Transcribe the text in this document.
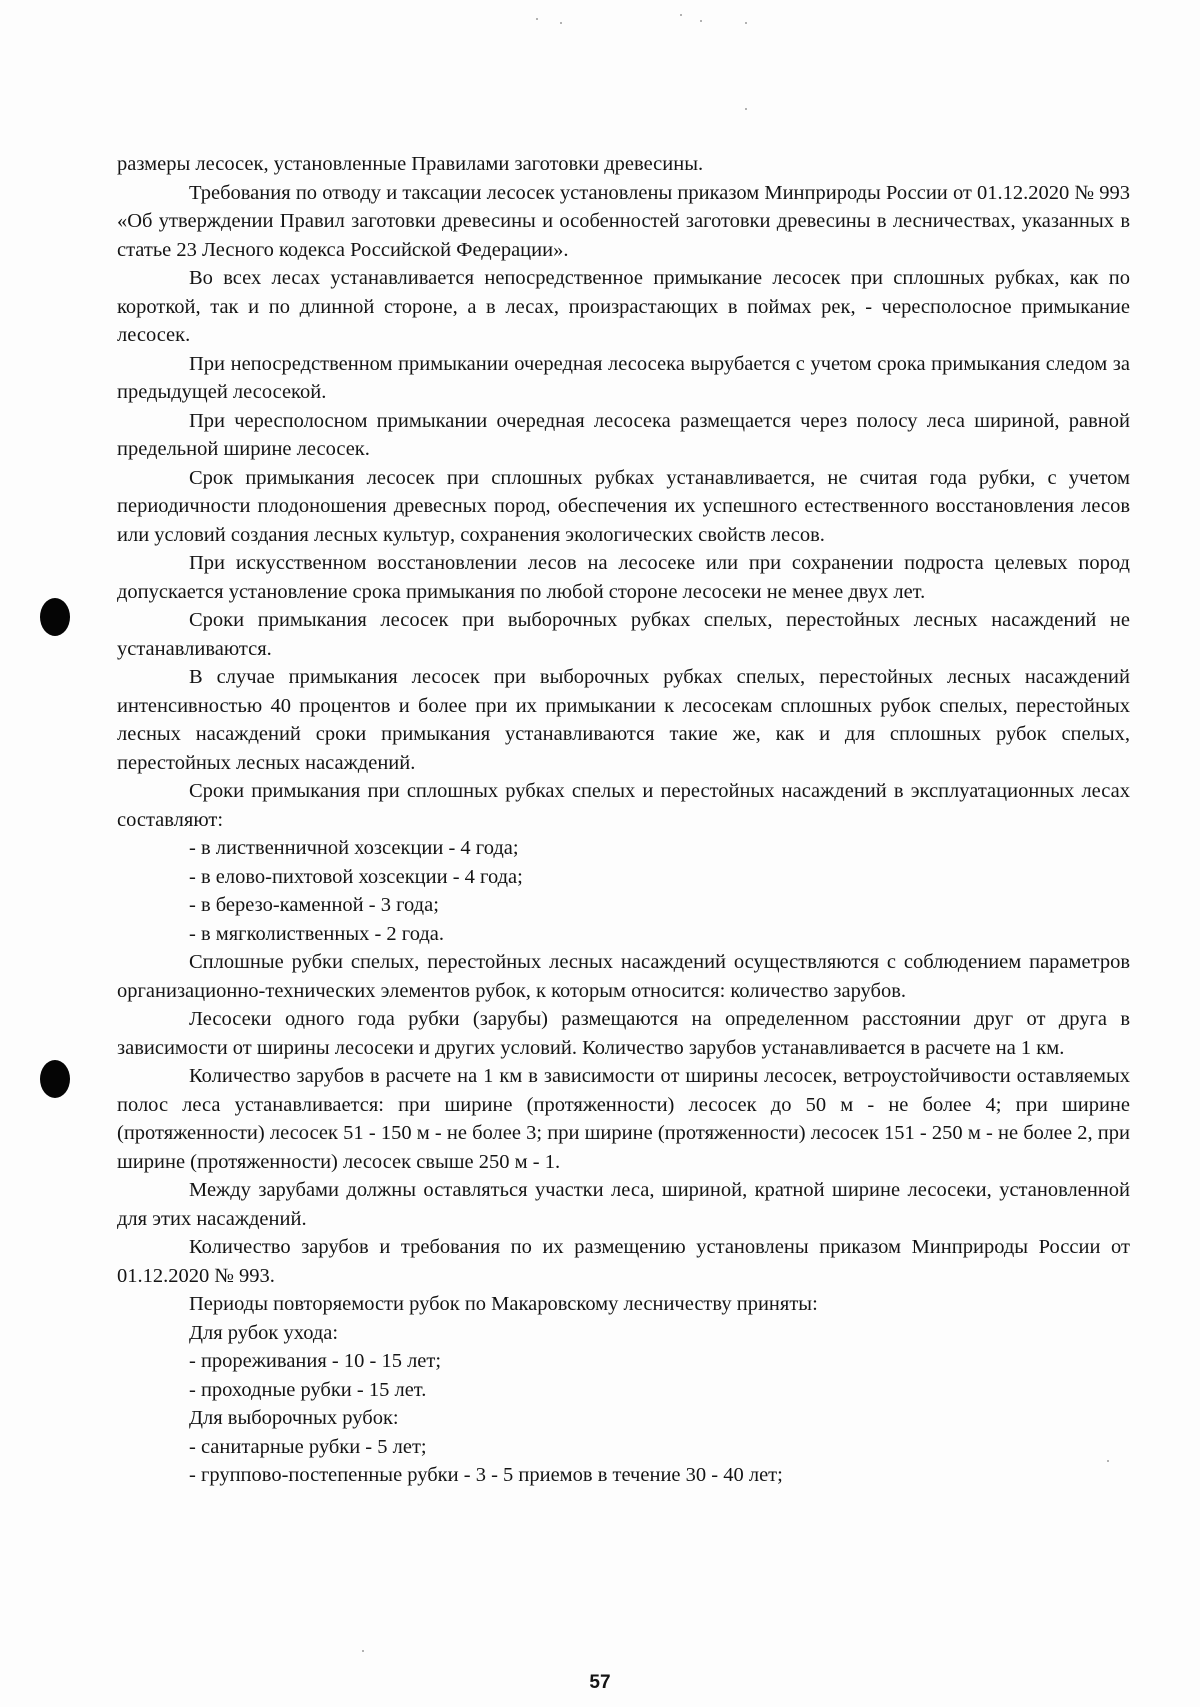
размеры лесосек, установленные Правилами заготовки древесины.

Требования по отводу и таксации лесосек установлены приказом Минприроды России от 01.12.2020 № 993 «Об утверждении Правил заготовки древесины и особенностей заготовки древесины в лесничествах, указанных в статье 23 Лесного кодекса Российской Федерации».

Во всех лесах устанавливается непосредственное примыкание лесосек при сплошных рубках, как по короткой, так и по длинной стороне, а в лесах, произрастающих в поймах рек, - чересполосное примыкание лесосек.

При непосредственном примыкании очередная лесосека вырубается с учетом срока примыкания следом за предыдущей лесосекой.

При чересполосном примыкании очередная лесосека размещается через полосу леса шириной, равной предельной ширине лесосек.

Срок примыкания лесосек при сплошных рубках устанавливается, не считая года рубки, с учетом периодичности плодоношения древесных пород, обеспечения их успешного естественного восстановления лесов или условий создания лесных культур, сохранения экологических свойств лесов.

При искусственном восстановлении лесов на лесосеке или при сохранении подроста целевых пород допускается установление срока примыкания по любой стороне лесосеки не менее двух лет.

Сроки примыкания лесосек при выборочных рубках спелых, перестойных лесных насаждений не устанавливаются.

В случае примыкания лесосек при выборочных рубках спелых, перестойных лесных насаждений интенсивностью 40 процентов и более при их примыкании к лесосекам сплошных рубок спелых, перестойных лесных насаждений сроки примыкания устанавливаются такие же, как и для сплошных рубок спелых, перестойных лесных насаждений.

Сроки примыкания при сплошных рубках спелых и перестойных насаждений в эксплуатационных лесах составляют:

- в лиственничной хозсекции - 4 года;

- в елово-пихтовой хозсекции - 4 года;

- в березо-каменной - 3 года;

- в мягколиственных - 2 года.

Сплошные рубки спелых, перестойных лесных насаждений осуществляются с соблюдением параметров организационно-технических элементов рубок, к которым относится: количество зарубов.

Лесосеки одного года рубки (зарубы) размещаются на определенном расстоянии друг от друга в зависимости от ширины лесосеки и других условий. Количество зарубов устанавливается в расчете на 1 км.

Количество зарубов в расчете на 1 км в зависимости от ширины лесосек, ветроустойчивости оставляемых полос леса устанавливается: при ширине (протяженности) лесосек до 50 м - не более 4; при ширине (протяженности) лесосек 51 - 150 м - не более 3; при ширине (протяженности) лесосек 151 - 250 м - не более 2, при ширине (протяженности) лесосек свыше 250 м - 1.

Между зарубами должны оставляться участки леса, шириной, кратной ширине лесосеки, установленной для этих насаждений.

Количество зарубов и требования по их размещению установлены приказом Минприроды России от 01.12.2020 № 993.

Периоды повторяемости рубок по Макаровскому лесничеству приняты:

Для рубок ухода:

- прореживания - 10 - 15 лет;

- проходные рубки - 15 лет.

Для выборочных рубок:

- санитарные рубки - 5 лет;

- группово-постепенные рубки - 3 - 5 приемов в течение 30 - 40 лет;

57
